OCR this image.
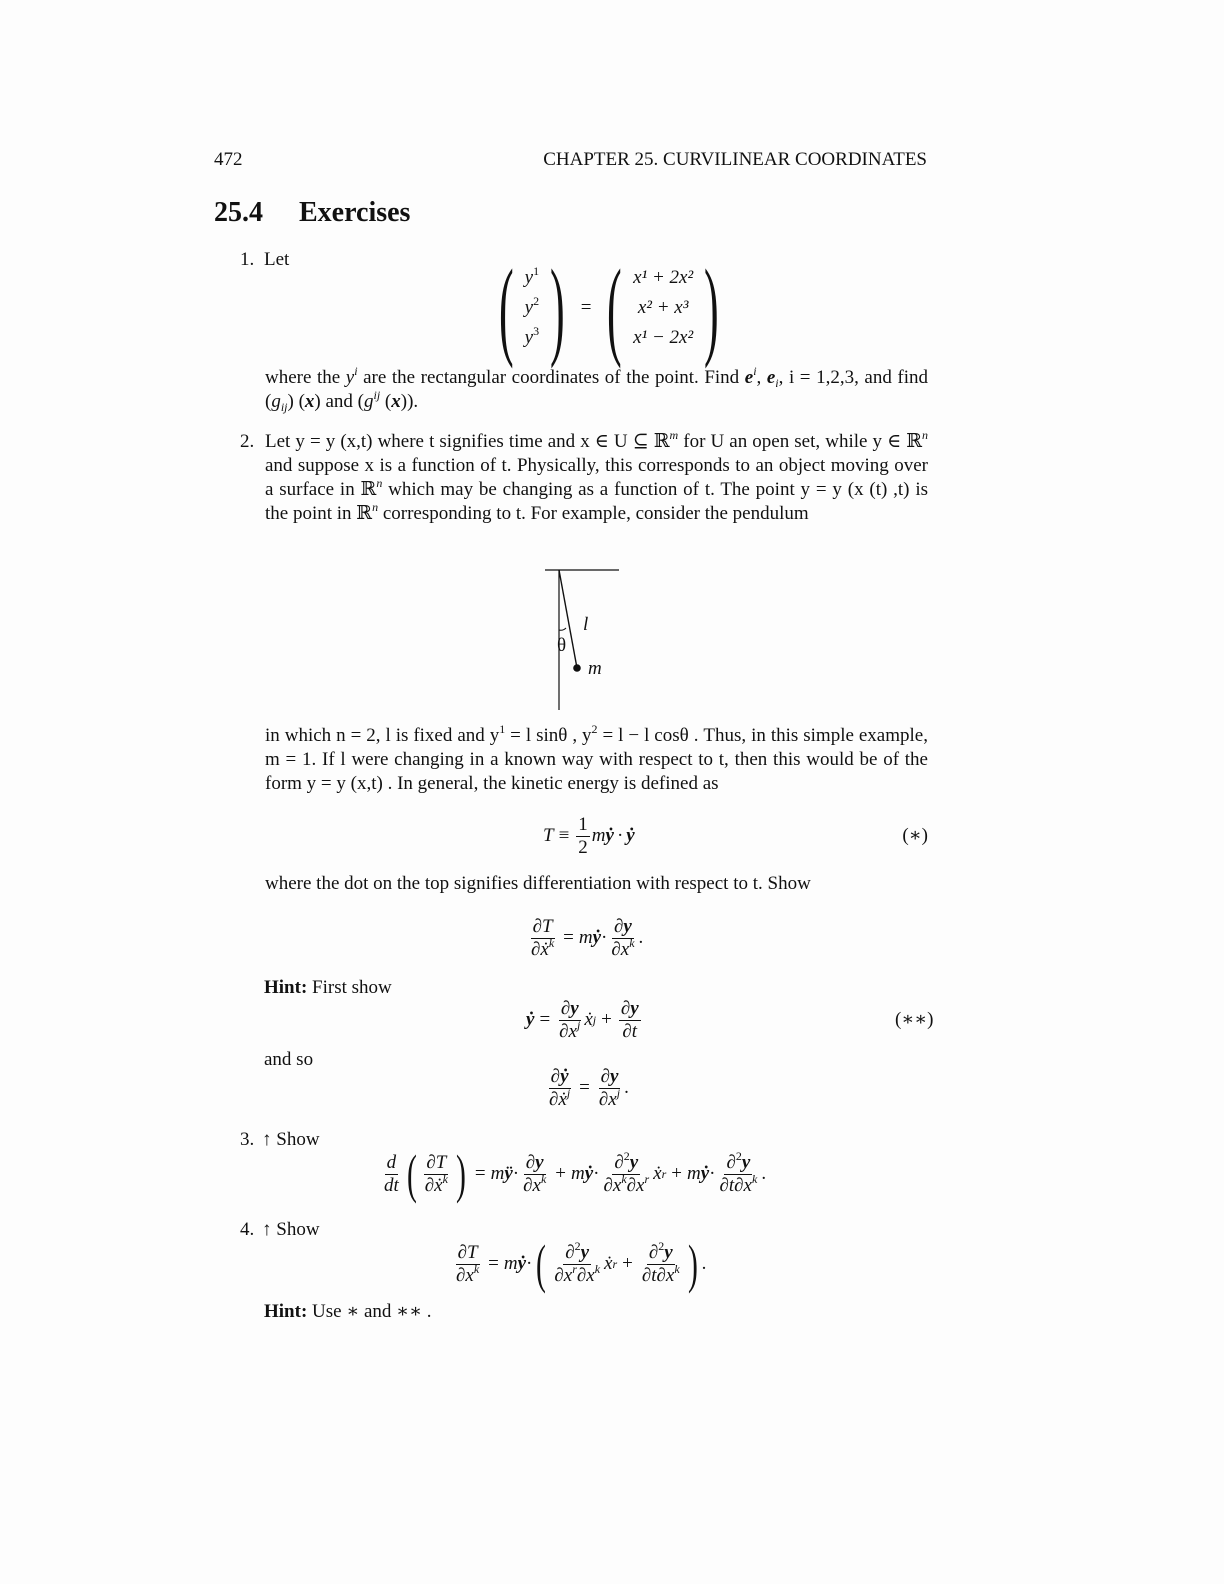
472	CHAPTER 25. CURVILINEAR COORDINATES
25.4 Exercises
1. Let ( $y^1$
$y^2$
$y^3$ ) = ( x¹ + 2x²
x² + x³
x¹ − 2x² )
where the $y^i$ are the rectangular coordinates of the point. Find $e^i$, $e_i$, i = 1,2,3, and find $(g_{ij})$ (x) and ($g^{ij}$ (x)).
2. Let y = y (x,t) where t signifies time and x ∈ U ⊆ ℝ$^m$ for U an open set, while y ∈ ℝ$^n$ and suppose x is a function of t. Physically, this corresponds to an object moving over a surface in ℝ$^n$ which may be changing as a function of t. The point y = y (x (t) ,t) is the point in ℝ$^n$ corresponding to t. For example, consider the pendulum
l
θ
m
in which n = 2, l is fixed and $y^1 = l$ sinθ , $y^2 = l - l$ cosθ . Thus, in this simple example, m = 1. If l were changing in a known way with respect to t, then this would be of the form y = y (x,t) . In general, the kinetic energy is defined as
$T \equiv \frac{1}{2}$ m ẏ · ẏ	(∗)
where the dot on the top signifies differentiation with respect to t. Show
$\frac{\partial T}{\partial ẋ^k} = m$ ẏ · $\frac{\partial y}{\partial x^k}$ .
Hint: First show
ẏ = $\frac{\partial y}{\partial x^j}$ ẋ $j + \frac{\partial y}{\partial t}$	(∗∗)
and so
$\frac{\text{∂ẏ}}{\partial ẋ^j} = \frac{\partial y}{\partial x^j}$ .
3. ↑ Show
$\frac{d}{dt}$ ( $\frac{\partial T}{\partial ẋ^k}$ ) = m ÿ · $\frac{\partial y}{\partial x^k} + m$ ẏ · $\frac{\partial^2y}{\partial x^k\partial x^r}$ ẋ r + m ẏ · $\frac{\partial^2y}{\partial t\partial x^k}$ .
4. ↑ Show
$\frac{\partial T}{\partial x^k} = m$ ẏ · ( $\frac{\partial^2y}{\partial x^r\partial x^k}$ ẋ $r + \frac{\partial^2y}{\partial t\partial x^k}$ ) .
Hint: Use ∗ and ∗∗ .
